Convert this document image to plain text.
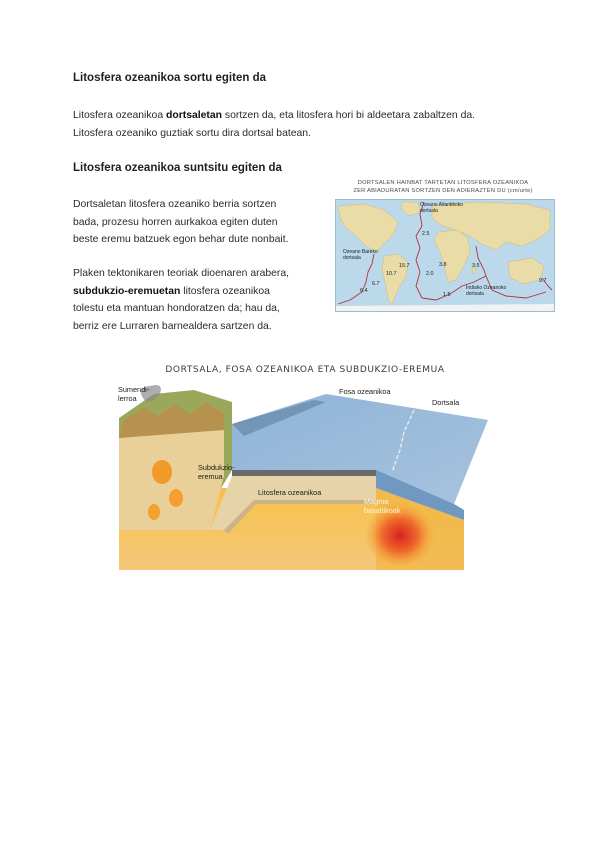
Litosfera ozeanikoa sortu egiten da
Litosfera ozeanikoa dortsaletan sortzen da, eta litosfera hori bi aldeetara zabaltzen da.
Litosfera ozeaniko guztiak sortu dira dortsal batean.
Litosfera ozeanikoa suntsitu egiten da
Dortsaletan litosfera ozeaniko berria sortzen
bada, prozesu horren aurkakoa egiten duten
beste eremu batzuek egon behar dute nonbait.
Plaken tektonikaren teoriak dioenaren arabera,
subdukzio-eremuetan litosfera ozeanikoa
tolestu eta mantuan hondoratzen da; hau da,
berriz ere Lurraren barnealdera sartzen da.
DORTSALEN HAINBAT TARTETAN LITOSFERA OZEANIKOA
ZER ABIADURATAN SORTZEN DEN ADIERAZTEN DU (cm/urte)
Ozeano Atlantikoko
dortsala
Ozeano Bareko
dortsala
Indiako Ozeanoko
dortsala
2.5
15.7	3.8	3.5
10.7	2.0
6.7
6.4
1.5
9.7
DORTSALA, FOSA OZEANIKOA ETA SUBDUKZIO-EREMUA
Sumendi-
lerroa
Fosa ozeanikoa
Dortsala
Subdukzio-
eremua
Litosfera ozeanikoa
Magma
basaltikoak
